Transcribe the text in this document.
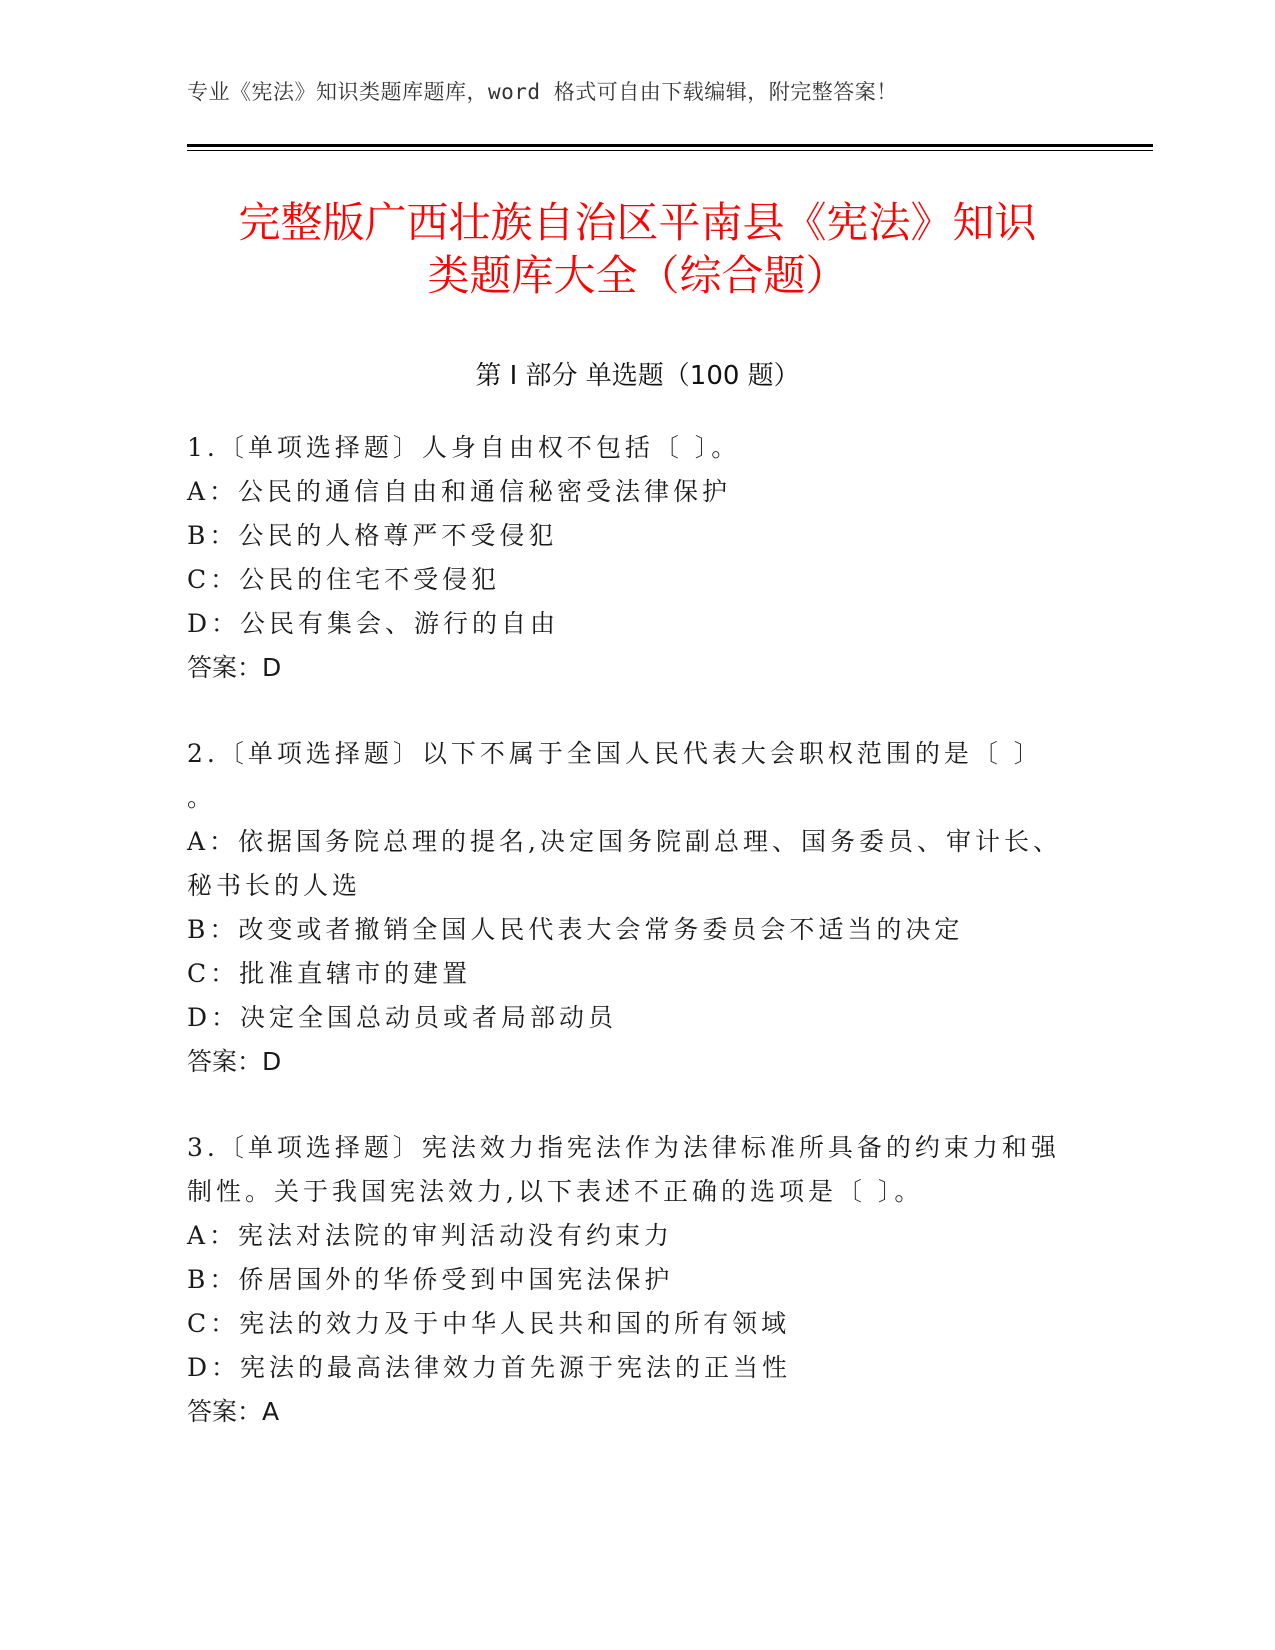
专业《宪法》知识类题库题库，word 格式可自由下载编辑，附完整答案！
完整版广西壮族自治区平南县《宪法》知识
类题库大全（综合题）
第 I 部分 单选题（100 题）
1.〔单项选择题〕人身自由权不包括〔 〕。
A：公民的通信自由和通信秘密受法律保护
B：公民的人格尊严不受侵犯
C：公民的住宅不受侵犯
D：公民有集会、游行的自由
答案：D
2.〔单项选择题〕以下不属于全国人民代表大会职权范围的是〔 〕
。
A：依据国务院总理的提名,决定国务院副总理、国务委员、审计长、
秘书长的人选
B：改变或者撤销全国人民代表大会常务委员会不适当的决定
C：批准直辖市的建置
D：决定全国总动员或者局部动员
答案：D
3.〔单项选择题〕宪法效力指宪法作为法律标准所具备的约束力和强
制性。关于我国宪法效力,以下表述不正确的选项是〔 〕。
A：宪法对法院的审判活动没有约束力
B：侨居国外的华侨受到中国宪法保护
C：宪法的效力及于中华人民共和国的所有领域
D：宪法的最高法律效力首先源于宪法的正当性
答案：A
